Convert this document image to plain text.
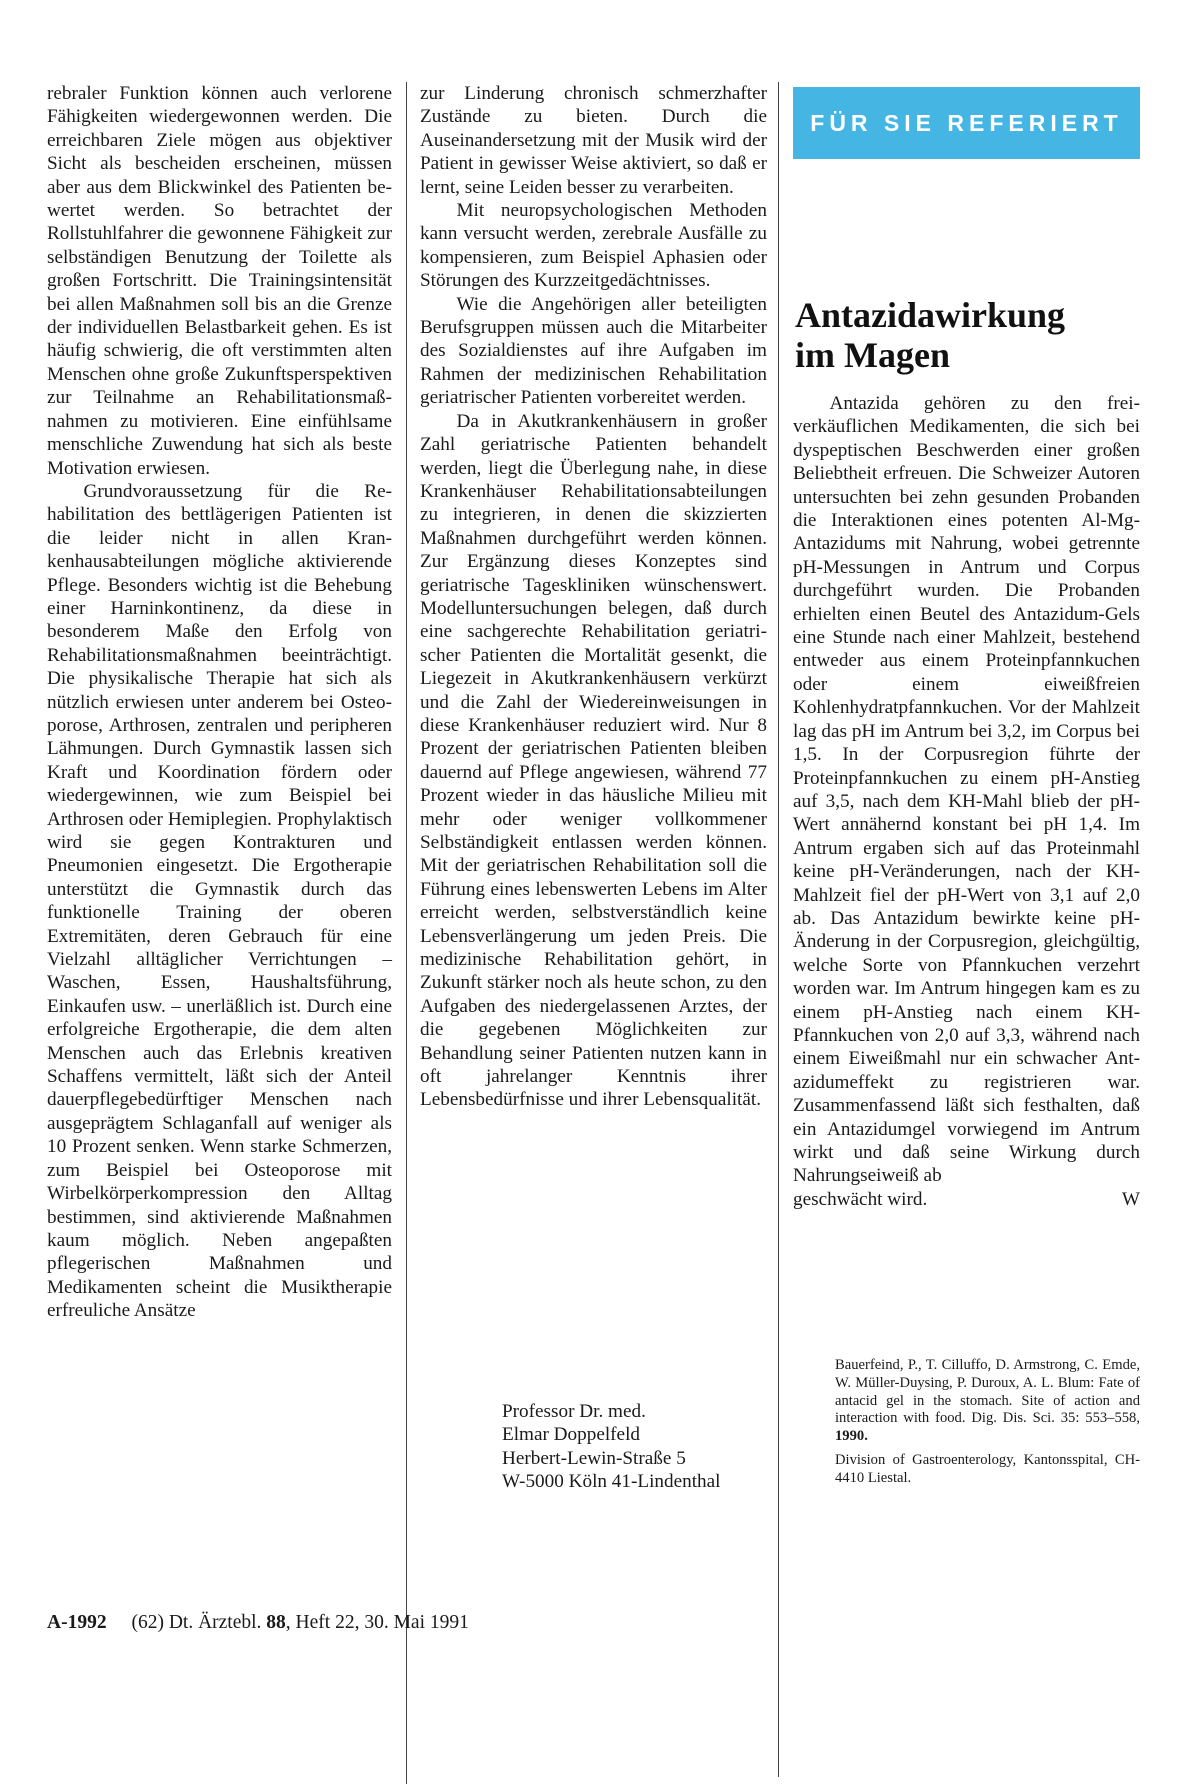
rebraler Funktion können auch verlorene Fähigkeiten wiedergewonnen werden. Die erreichbaren Ziele mögen aus objektiver Sicht als bescheiden erscheinen, müssen aber aus dem Blickwinkel des Patienten bewertet werden. So betrachtet der Rollstuhlfahrer die gewonnene Fähigkeit zur selbständigen Benutzung der Toilette als großen Fortschritt. Die Trainingsintensität bei allen Maßnahmen soll bis an die Grenze der individuellen Belastbarkeit gehen. Es ist häufig schwierig, die oft verstimmten alten Menschen ohne große Zukunftsperspektiven zur Teilnahme an Rehabilitationsmaßnahmen zu motivieren. Eine einfühlsame menschliche Zuwendung hat sich als beste Motivation erwiesen.

Grundvoraussetzung für die Rehabilitation des bettlägerigen Patienten ist die leider nicht in allen Krankenhausabteilungen mögliche aktivierende Pflege. Besonders wichtig ist die Behebung einer Harninkontinenz, da diese in besonderem Maße den Erfolg von Rehabilitationsmaßnahmen beeinträchtigt. Die physikalische Therapie hat sich als nützlich erwiesen unter anderem bei Osteoporose, Arthrosen, zentralen und peripheren Lähmungen. Durch Gymnastik lassen sich Kraft und Koordination fördern oder wiedergewinnen, wie zum Beispiel bei Arthrosen oder Hemiplegien. Prophylaktisch wird sie gegen Kontrakturen und Pneumonien eingesetzt. Die Ergotherapie unterstützt die Gymnastik durch das funktionelle Training der oberen Extremitäten, deren Gebrauch für eine Vielzahl alltäglicher Verrichtungen – Waschen, Essen, Haushaltsführung, Einkaufen usw. – unerläßlich ist. Durch eine erfolgreiche Ergotherapie, die dem alten Menschen auch das Erlebnis kreativen Schaffens vermittelt, läßt sich der Anteil dauerpflegebedürftiger Menschen nach ausgeprägtem Schlaganfall auf weniger als 10 Prozent senken. Wenn starke Schmerzen, zum Beispiel bei Osteoporose mit Wirbelkörperkompression den Alltag bestimmen, sind aktivierende Maßnahmen kaum möglich. Neben angepaßten pflegerischen Maßnahmen und Medikamenten scheint die Musiktherapie erfreuliche Ansätze

zur Linderung chronisch schmerzhafter Zustände zu bieten. Durch die Auseinandersetzung mit der Musik wird der Patient in gewisser Weise aktiviert, so daß er lernt, seine Leiden besser zu verarbeiten.

Mit neuropsychologischen Methoden kann versucht werden, zerebrale Ausfälle zu kompensieren, zum Beispiel Aphasien oder Störungen des Kurzzeitgedächtnisses.

Wie die Angehörigen aller beteiligten Berufsgruppen müssen auch die Mitarbeiter des Sozialdienstes auf ihre Aufgaben im Rahmen der medizinischen Rehabilitation geriatrischer Patienten vorbereitet werden.

Da in Akutkrankenhäusern in großer Zahl geriatrische Patienten behandelt werden, liegt die Überlegung nahe, in diese Krankenhäuser Rehabilitationsabteilungen zu integrieren, in denen die skizzierten Maßnahmen durchgeführt werden können. Zur Ergänzung dieses Konzeptes sind geriatrische Tageskliniken wünschenswert. Modelluntersuchungen belegen, daß durch eine sachgerechte Rehabilitation geriatrischer Patienten die Mortalität gesenkt, die Liegezeit in Akutkrankenhäusern verkürzt und die Zahl der Wiedereinweisungen in diese Krankenhäuser reduziert wird. Nur 8 Prozent der geriatrischen Patienten bleiben dauernd auf Pflege angewiesen, während 77 Prozent wieder in das häusliche Milieu mit mehr oder weniger vollkommener Selbständigkeit entlassen werden können. Mit der geriatrischen Rehabilitation soll die Führung eines lebenswerten Lebens im Alter erreicht werden, selbstverständlich keine Lebensverlängerung um jeden Preis. Die medizinische Rehabilitation gehört, in Zukunft stärker noch als heute schon, zu den Aufgaben des niedergelassenen Arztes, der die gegebenen Möglichkeiten zur Behandlung seiner Patienten nutzen kann in oft jahrelanger Kenntnis ihrer Lebensbedürfnisse und ihrer Lebensqualität.

Professor Dr. med.
Elmar Doppelfeld
Herbert-Lewin-Straße 5
W-5000 Köln 41-Lindenthal
FÜR SIE REFERIERT
Antazidawirkung
im Magen

Antazida gehören zu den freiverkäuflichen Medikamenten, die sich bei dyspeptischen Beschwerden einer großen Beliebtheit erfreuen. Die Schweizer Autoren untersuchten bei zehn gesunden Probanden die Interaktionen eines potenten Al-Mg-Antazidums mit Nahrung, wobei getrennte pH-Messungen in Antrum und Corpus durchgeführt wurden. Die Probanden erhielten einen Beutel des Antazidum-Gels eine Stunde nach einer Mahlzeit, bestehend entweder aus einem Proteinpfannkuchen oder einem eiweißfreien Kohlenhydratpfannkuchen. Vor der Mahlzeit lag das pH im Antrum bei 3,2, im Corpus bei 1,5. In der Corpusregion führte der Proteinpfannkuchen zu einem pH-Anstieg auf 3,5, nach dem KH-Mahl blieb der pH-Wert annähernd konstant bei pH 1,4. Im Antrum ergaben sich auf das Proteinmahl keine pH-Veränderungen, nach der KH-Mahlzeit fiel der pH-Wert von 3,1 auf 2,0 ab. Das Antazidum bewirkte keine pH-Änderung in der Corpusregion, gleichgültig, welche Sorte von Pfannkuchen verzehrt worden war. Im Antrum hingegen kam es zu einem pH-Anstieg nach einem KH-Pfannkuchen von 2,0 auf 3,3, während nach einem Eiweißmahl nur ein schwacher Antazidumeffekt zu registrieren war. Zusammenfassend läßt sich festhalten, daß ein Antazidumgel vorwiegend im Antrum wirkt und daß seine Wirkung durch Nahrungseiweiß ab

geschwächt wird.	W

Bauerfeind, P., T. Cilluffo, D. Armstrong, C. Emde, W. Müller-Duysing, P. Duroux, A. L. Blum: Fate of antacid gel in the stomach. Site of action and interaction with food. Dig. Dis. Sci. 35: 553–558, 1990.
Division of Gastroenterology, Kantonsspital, CH-4410 Liestal.
A-1992 (62) Dt. Ärztebl. 88, Heft 22, 30. Mai 1991
